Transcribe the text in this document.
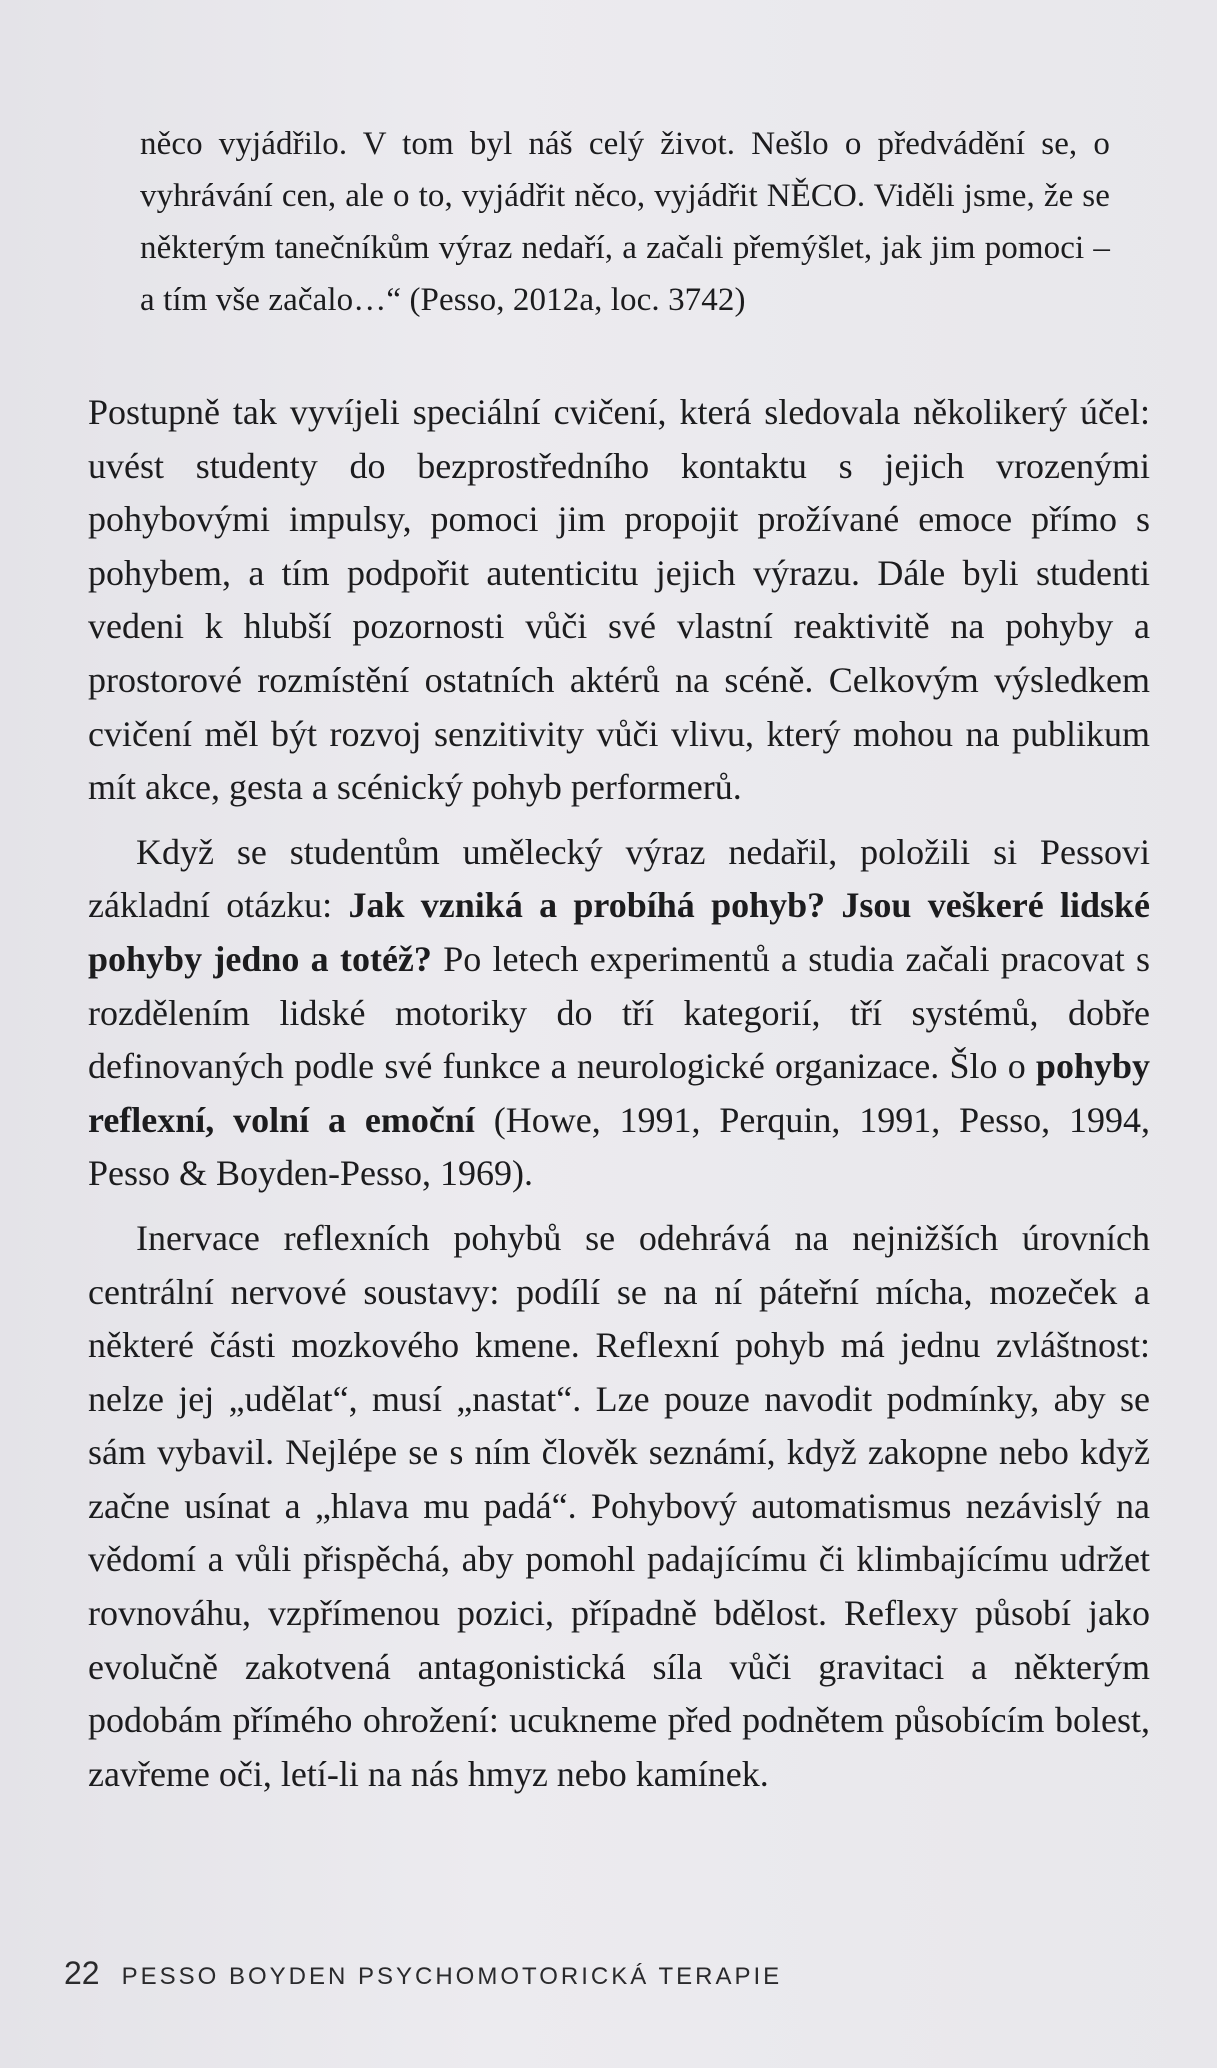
něco vyjádřilo. V tom byl náš celý život. Nešlo o předvádění se, o vyhrávání cen, ale o to, vyjádřit něco, vyjádřit NĚCO. Viděli jsme, že se některým tanečníkům výraz nedaří, a začali přemýšlet, jak jim pomoci – a tím vše začalo…“ (Pesso, 2012a, loc. 3742)

Postupně tak vyvíjeli speciální cvičení, která sledovala několikerý účel: uvést studenty do bezprostředního kontaktu s jejich vrozenými pohybovými impulsy, pomoci jim propojit prožívané emoce přímo s pohybem, a tím podpořit autenticitu jejich výrazu. Dále byli studenti vedeni k hlubší pozornosti vůči své vlastní reaktivitě na pohyby a prostorové rozmístění ostatních aktérů na scéně. Celkovým výsledkem cvičení měl být rozvoj senzitivity vůči vlivu, který mohou na publikum mít akce, gesta a scénický pohyb performerů.

Když se studentům umělecký výraz nedařil, položili si Pessovi základní otázku: Jak vzniká a probíhá pohyb? Jsou veškeré lidské pohyby jedno a totéž? Po letech experimentů a studia začali pracovat s rozdělením lidské motoriky do tří kategorií, tří systémů, dobře definovaných podle své funkce a neurologické organizace. Šlo o pohyby reflexní, volní a emoční (Howe, 1991, Perquin, 1991, Pesso, 1994, Pesso & Boyden-Pesso, 1969).

Inervace reflexních pohybů se odehrává na nejnižších úrovních centrální nervové soustavy: podílí se na ní páteřní mícha, mozeček a některé části mozkového kmene. Reflexní pohyb má jednu zvláštnost: nelze jej „udělat“, musí „nastat“. Lze pouze navodit podmínky, aby se sám vybavil. Nejlépe se s ním člověk seznámí, když zakopne nebo když začne usínat a „hlava mu padá“. Pohybový automatismus nezávislý na vědomí a vůli přispěchá, aby pomohl padajícímu či klimbajícímu udržet rovnováhu, vzpřímenou pozici, případně bdělost. Reflexy působí jako evolučně zakotvená antagonistická síla vůči gravitaci a některým podobám přímého ohrožení: ucukneme před podnětem působícím bolest, zavřeme oči, letí-li na nás hmyz nebo kamínek.

22 PESSO BOYDEN PSYCHOMOTORICKÁ TERAPIE
